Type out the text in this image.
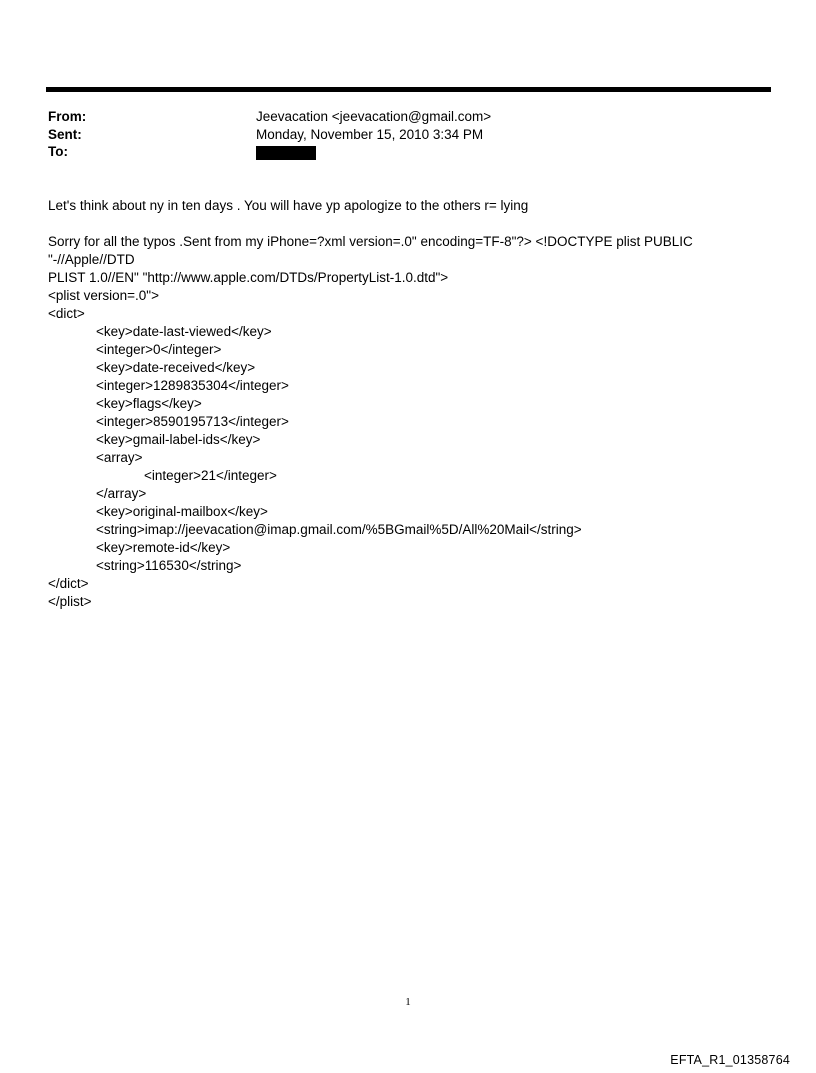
From:	Jeevacation <jeevacation@gmail.com>
Sent:	Monday, November 15, 2010 3:34 PM
To:

Let's think about ny in ten days . You will have yp apologize to the others r= lying

Sorry for all the typos .Sent from my iPhone=?xml version=.0" encoding=TF-8"?> <!DOCTYPE plist PUBLIC "-//Apple//DTD

PLIST 1.0//EN" "http://www.apple.com/DTDs/PropertyList-1.0.dtd">

<plist version=.0">
<dict>
<key>date-last-viewed</key>
<integer>0</integer>
<key>date-received</key>
<integer>1289835304</integer>
<key>flags</key>
<integer>8590195713</integer>
<key>gmail-label-ids</key>
<array>
<integer>21</integer>
</array>
<key>original-mailbox</key>
<string>imap://jeevacation@imap.gmail.com/%5BGmail%5D/All%20Mail</string>
<key>remote-id</key>
<string>116530</string>
</dict>
</plist>
1
EFTA_R1_01358764
